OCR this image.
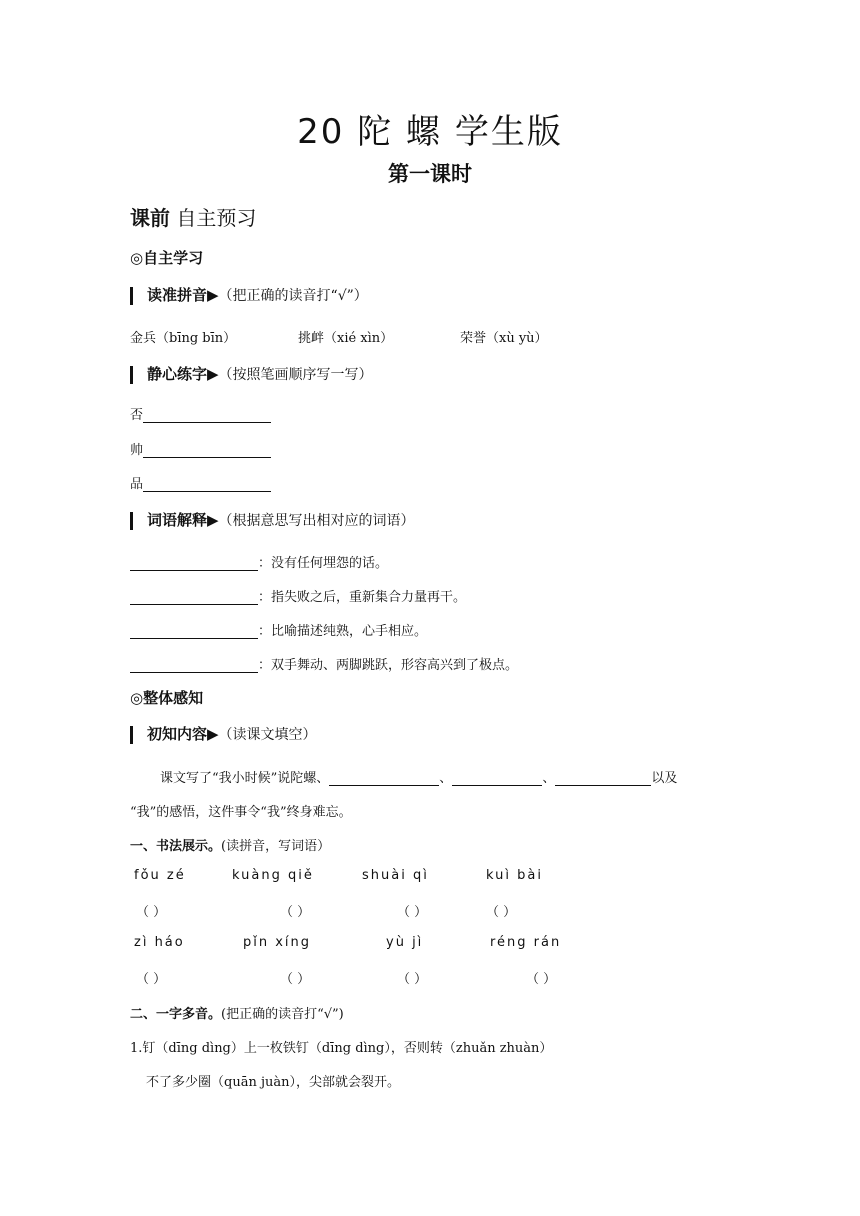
20 陀 螺 学生版
第一课时
课前 自主预习
◎自主学习
读准拼音▶（把正确的读音打“√”）
金兵（bīng bīn）	挑衅（xié xìn）	荣誉（xù yù）
静心练字▶（按照笔画顺序写一写）
否
帅
品
词语解释▶（根据意思写出相对应的词语）
：没有任何埋怨的话。
：指失败之后，重新集合力量再干。
：比喻描述纯熟，心手相应。
：双手舞动、两脚跳跃，形容高兴到了极点。
◎整体感知
初知内容▶（读课文填空）
课文写了“我小时候”说陀螺、	、	、	以及
“我”的感悟，这件事令“我”终身难忘。
一、书法展示。(读拼音，写词语）
fǒu zé	kuàng qiě	shuài qì	kuì bài
（ ）	（ ）	（ ）	（ ）
zì háo	pǐn xíng	yù jì	réng rán
（ ）	（ ）	（ ）	（ ）
二、一字多音。(把正确的读音打“√”)
1.钉（dīng dìng）上一枚铁钉（dīng dìng），否则转（zhuǎn zhuàn）
不了多少圈（quān juàn），尖部就会裂开。
